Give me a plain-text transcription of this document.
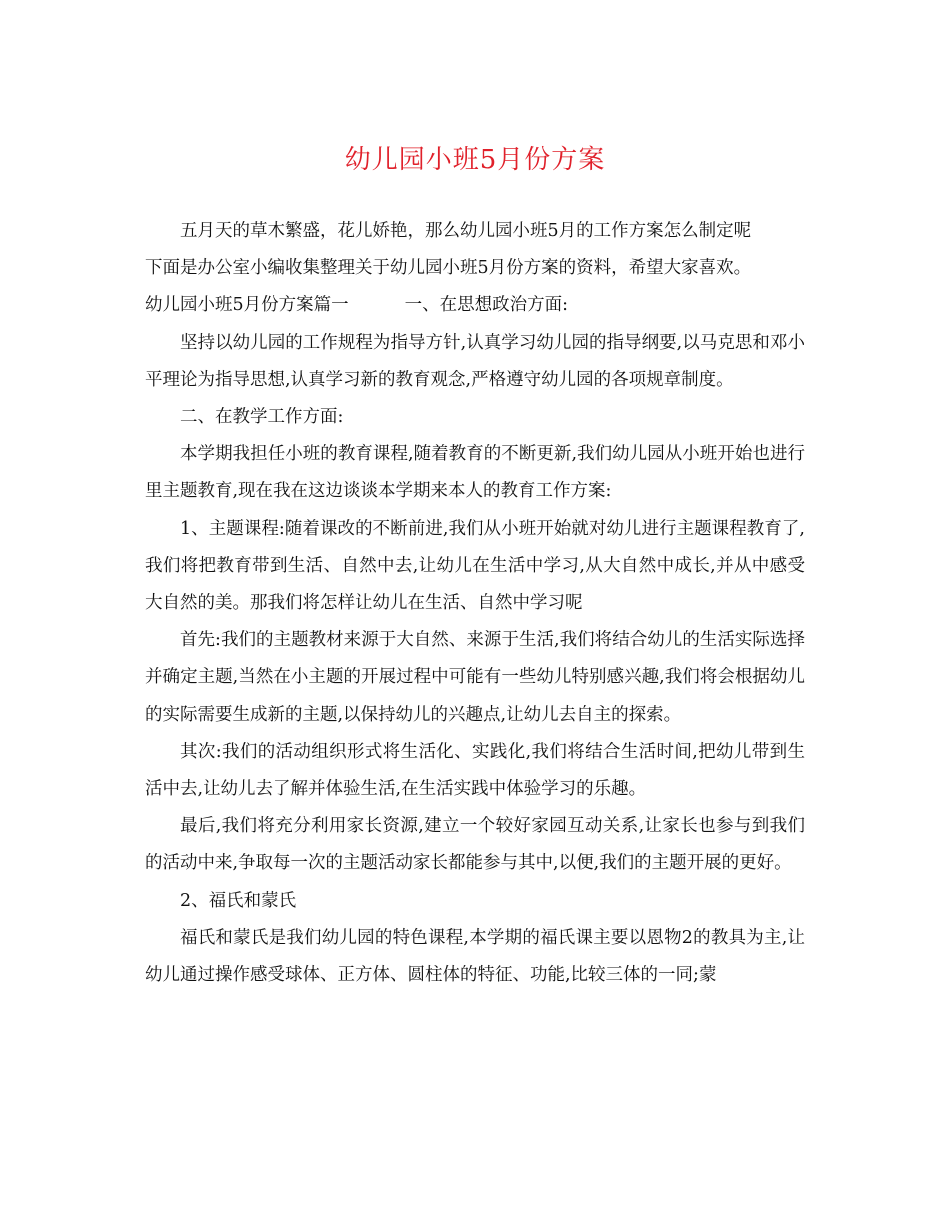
幼儿园小班5月份方案

五月天的草木繁盛，花儿娇艳，那么幼儿园小班5月的工作方案怎么制定呢

下面是办公室小编收集整理关于幼儿园小班5月份方案的资料，希望大家喜欢。

幼儿园小班5月份方案篇一	一、在思想政治方面:

坚持以幼儿园的工作规程为指导方针,认真学习幼儿园的指导纲要,以马克思和邓小平理论为指导思想,认真学习新的教育观念,严格遵守幼儿园的各项规章制度。

二、在教学工作方面:

本学期我担任小班的教育课程,随着教育的不断更新,我们幼儿园从小班开始也进行里主题教育,现在我在这边谈谈本学期来本人的教育工作方案:

1、主题课程:随着课改的不断前进,我们从小班开始就对幼儿进行主题课程教育了,我们将把教育带到生活、自然中去,让幼儿在生活中学习,从大自然中成长,并从中感受大自然的美。那我们将怎样让幼儿在生活、自然中学习呢

首先:我们的主题教材来源于大自然、来源于生活,我们将结合幼儿的生活实际选择并确定主题,当然在小主题的开展过程中可能有一些幼儿特别感兴趣,我们将会根据幼儿的实际需要生成新的主题,以保持幼儿的兴趣点,让幼儿去自主的探索。

其次:我们的活动组织形式将生活化、实践化,我们将结合生活时间,把幼儿带到生活中去,让幼儿去了解并体验生活,在生活实践中体验学习的乐趣。

最后,我们将充分利用家长资源,建立一个较好家园互动关系,让家长也参与到我们的活动中来,争取每一次的主题活动家长都能参与其中,以便,我们的主题开展的更好。

2、福氏和蒙氏

福氏和蒙氏是我们幼儿园的特色课程,本学期的福氏课主要以恩物2的教具为主,让幼儿通过操作感受球体、正方体、圆柱体的特征、功能,比较三体的一同;蒙
